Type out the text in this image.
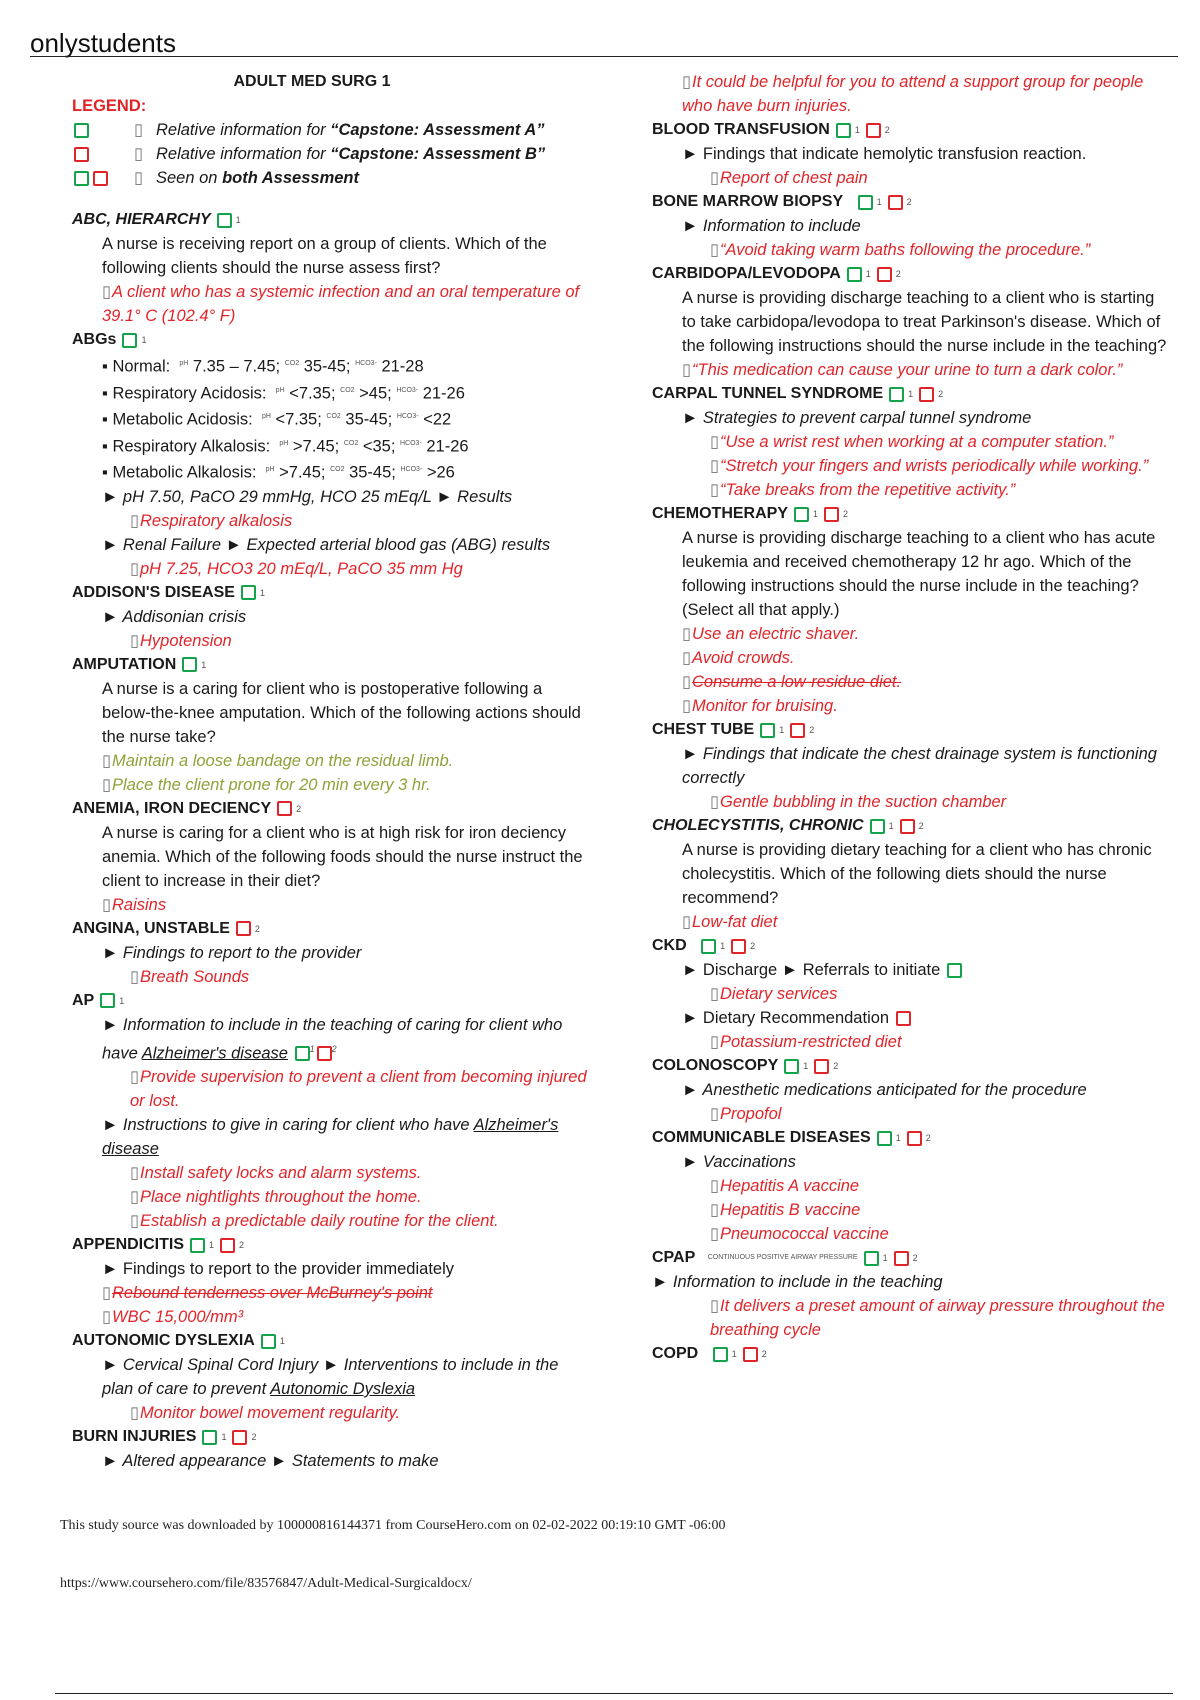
onlystudents
ADULT MED SURG 1
LEGEND:
▯ Relative information for “Capstone: Assessment A”
▯ Relative information for “Capstone: Assessment B”
▯ Seen on both Assessment
ABC, HIERARCHY	1
A nurse is receiving report on a group of clients. Which of the following clients should the nurse assess first?
▯A client who has a systemic infection and an oral temperature of 39.1° C (102.4° F)
ABGs	1
▪ Normal: $^{pH}$ 7.35 – 7.45; $^{CO2}$ 35-45; $^{HCO3-}$ 21-28
▪ Respiratory Acidosis: $^{pH}$ <7.35; $^{CO2}$ >45; $^{HCO3-}$ 21-26
▪ Metabolic Acidosis: $^{pH}$ <7.35; $^{CO2}$ 35-45; $^{HCO3-}$ <22
▪ Respiratory Alkalosis: $^{pH}$ >7.45; $^{CO2}$ <35; $^{HCO3-}$ 21-26
▪ Metabolic Alkalosis: $^{pH}$ >7.45; $^{CO2}$ 35-45; $^{HCO3-}$ >26
► pH 7.50, PaCO 29 mmHg, HCO 25 mEq/L ► Results
▯Respiratory alkalosis
► Renal Failure ► Expected arterial blood gas (ABG) results
▯pH 7.25, HCO3 20 mEq/L, PaCO 35 mm Hg
ADDISON'S DISEASE	1
► Addisonian crisis
▯Hypotension
AMPUTATION	1
A nurse is a caring for client who is postoperative following a below-the-knee amputation. Which of the following actions should the nurse take?
▯Maintain a loose bandage on the residual limb.
▯Place the client prone for 20 min every 3 hr.
ANEMIA, IRON DECIENCY	2
A nurse is caring for a client who is at high risk for iron deciency anemia. Which of the following foods should the nurse instruct the client to increase in their diet?
▯Raisins
ANGINA, UNSTABLE	2
► Findings to report to the provider
▯Breath Sounds
AP	1
► Information to include in the teaching of caring for client who have Alzheimer's disease $^1$ $^2$
▯Provide supervision to prevent a client from becoming injured or lost.
► Instructions to give in caring for client who have Alzheimer's disease
▯Install safety locks and alarm systems.
▯Place nightlights throughout the home.
▯Establish a predictable daily routine for the client.
APPENDICITIS	1	2
► Findings to report to the provider immediately
▯Rebound tenderness over McBurney's point
▯WBC 15,000/mm³
AUTONOMIC DYSLEXIA	1
► Cervical Spinal Cord Injury ► Interventions to include in the plan of care to prevent Autonomic Dyslexia
▯Monitor bowel movement regularity.
BURN INJURIES	1	2
► Altered appearance ► Statements to make
▯It could be helpful for you to attend a support group for people who have burn injuries.
BLOOD TRANSFUSION	1	2
► Findings that indicate hemolytic transfusion reaction.
▯Report of chest pain
BONE MARROW BIOPSY
	1	2
► Information to include
▯“Avoid taking warm baths following the procedure.”
CARBIDOPA/LEVODOPA	1	2
A nurse is providing discharge teaching to a client who is starting to take carbidopa/levodopa to treat Parkinson's disease. Which of the following instructions should the nurse include in the teaching?
▯“This medication can cause your urine to turn a dark color.”
CARPAL TUNNEL SYNDROME	1	2
► Strategies to prevent carpal tunnel syndrome
▯“Use a wrist rest when working at a computer station.”
▯“Stretch your fingers and wrists periodically while working.”
▯“Take breaks from the repetitive activity.”
CHEMOTHERAPY	1	2
A nurse is providing discharge teaching to a client who has acute leukemia and received chemotherapy 12 hr ago. Which of the following instructions should the nurse include in the teaching? (Select all that apply.)
▯Use an electric shaver.
▯Avoid crowds.
▯Consume a low-residue diet.
▯Monitor for bruising.
CHEST TUBE	1	2
► Findings that indicate the chest drainage system is functioning correctly
▯Gentle bubbling in the suction chamber
CHOLECYSTITIS, CHRONIC	1	2
A nurse is providing dietary teaching for a client who has chronic cholecystitis. Which of the following diets should the nurse recommend?
▯Low-fat diet
CKD
	1	2
► Discharge ► Referrals to initiate
▯Dietary services
► Dietary Recommendation
▯Potassium-restricted diet
COLONOSCOPY	1	2
► Anesthetic medications anticipated for the procedure
▯Propofol
COMMUNICABLE DISEASES	1	2
► Vaccinations
▯Hepatitis A vaccine
▯Hepatitis B vaccine
▯Pneumococcal vaccine
CPAP
CONTINUOUS POSITIVE AIRWAY PRESSURE	1	2
► Information to include in the teaching
▯It delivers a preset amount of airway pressure throughout the breathing cycle
COPD
	1	2
This study source was downloaded by 100000816144371 from CourseHero.com on 02-02-2022 00:19:10 GMT -06:00
https://www.coursehero.com/file/83576847/Adult-Medical-Surgicaldocx/
